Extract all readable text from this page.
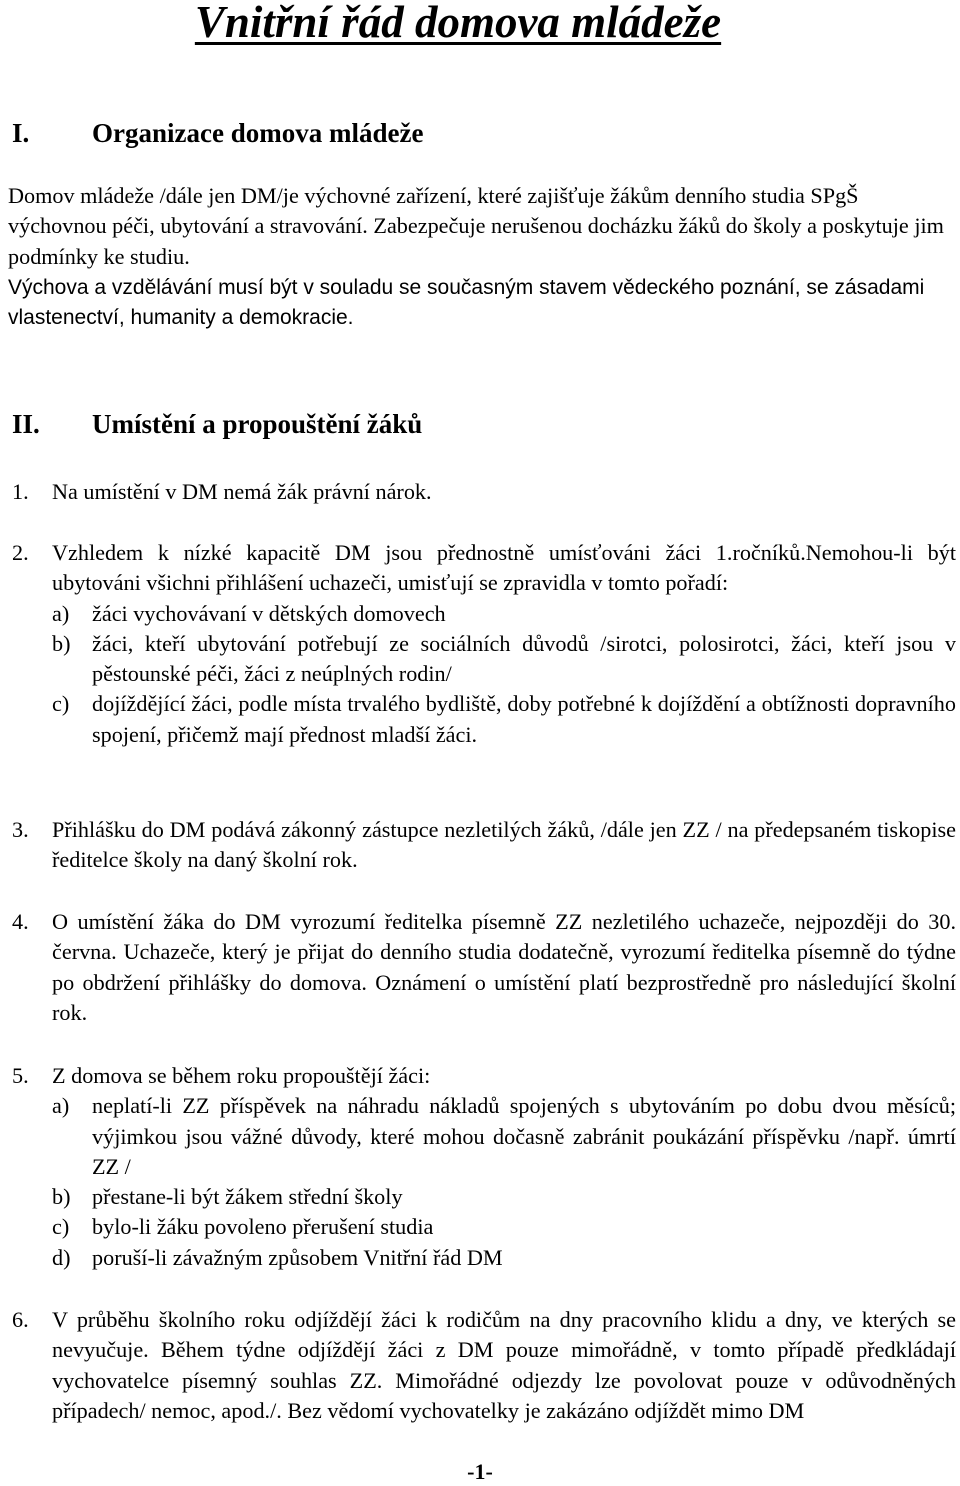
Vnitřní řád domova mládeže
I. Organizace domova mládeže

Domov mládeže /dále jen DM/je výchovné zařízení, které zajišťuje žákům denního studia SPgŠ výchovnou péči, ubytování a stravování. Zabezpečuje nerušenou docházku žáků do školy a poskytuje jim podmínky ke studiu.

Výchova a vzdělávání musí být v souladu se současným stavem vědeckého poznání, se zásadami vlastenectví, humanity a demokracie.

II. Umístění a propouštění žáků
1. Na umístění v DM nemá žák právní nárok.
2. Vzhledem k nízké kapacitě DM jsou přednostně umísťováni žáci 1.ročníků.Nemohou-li být ubytováni všichni přihlášení uchazeči, umisťují se zpravidla v tomto pořadí:
a) žáci vychovávaní v dětských domovech
b) žáci, kteří ubytování potřebují ze sociálních důvodů /sirotci, polosirotci, žáci, kteří jsou v pěstounské péči, žáci z neúplných rodin/
c) dojíždějící žáci, podle místa trvalého bydliště, doby potřebné k dojíždění a obtížnosti dopravního spojení, přičemž mají přednost mladší žáci.
3. Přihlášku do DM podává zákonný zástupce nezletilých žáků, /dále jen ZZ / na předepsaném tiskopise ředitelce školy na daný školní rok.
4. O umístění žáka do DM vyrozumí ředitelka písemně ZZ nezletilého uchazeče, nejpozději do 30. června. Uchazeče, který je přijat do denního studia dodatečně, vyrozumí ředitelka písemně do týdne po obdržení přihlášky do domova. Oznámení o umístění platí bezprostředně pro následující školní rok.
5. Z domova se během roku propouštějí žáci:
a) neplatí-li ZZ příspěvek na náhradu nákladů spojených s ubytováním po dobu dvou měsíců; výjimkou jsou vážné důvody, které mohou dočasně zabránit poukázání příspěvku /např. úmrtí ZZ /
b) přestane-li být žákem střední školy
c) bylo-li žáku povoleno přerušení studia
d) poruší-li závažným způsobem Vnitřní řád DM
6. V průběhu školního roku odjíždějí žáci k rodičům na dny pracovního klidu a dny, ve kterých se nevyučuje. Během týdne odjíždějí žáci z DM pouze mimořádně, v tomto případě předkládají vychovatelce písemný souhlas ZZ. Mimořádné odjezdy lze povolovat pouze v odůvodněných případech/ nemoc, apod./. Bez vědomí vychovatelky je zakázáno odjíždět mimo DM
-1-
